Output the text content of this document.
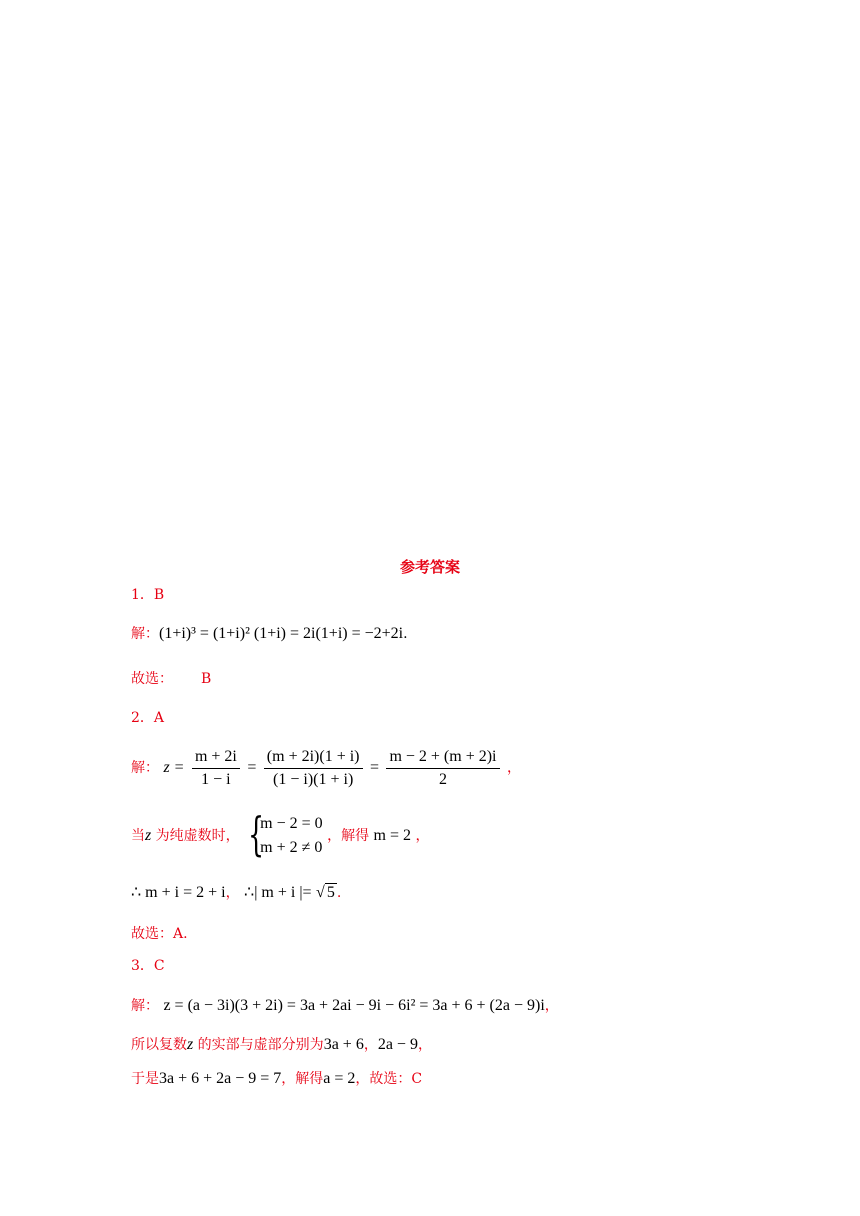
参考答案
1．B
解：(1+i)³ = (1+i)² (1+i) = 2i(1+i) = −2+2i.
故选： B
2．A
解： $z = \frac{m + 2i}{1 - i} = \frac{(m + 2i)(1 + i)}{(1 - i)(1 + i)} = \frac{m - 2 + (m + 2)i}{2}$ ，
当z 为纯虚数时， {
m − 2 = 0
m + 2 ≠ 0
，解得 m = 2 ，
∴ m + i = 2 + i， ∴| m + i |= √ 5 .
故选：A.
3．C
解： z = (a − 3i)(3 + 2i) = 3a + 2ai − 9i − 6i² = 3a + 6 + (2a − 9)i，
所以复数z 的实部与虚部分别为3a + 6，2a − 9，
于是3a + 6 + 2a − 9 = 7，解得a = 2，故选：C
